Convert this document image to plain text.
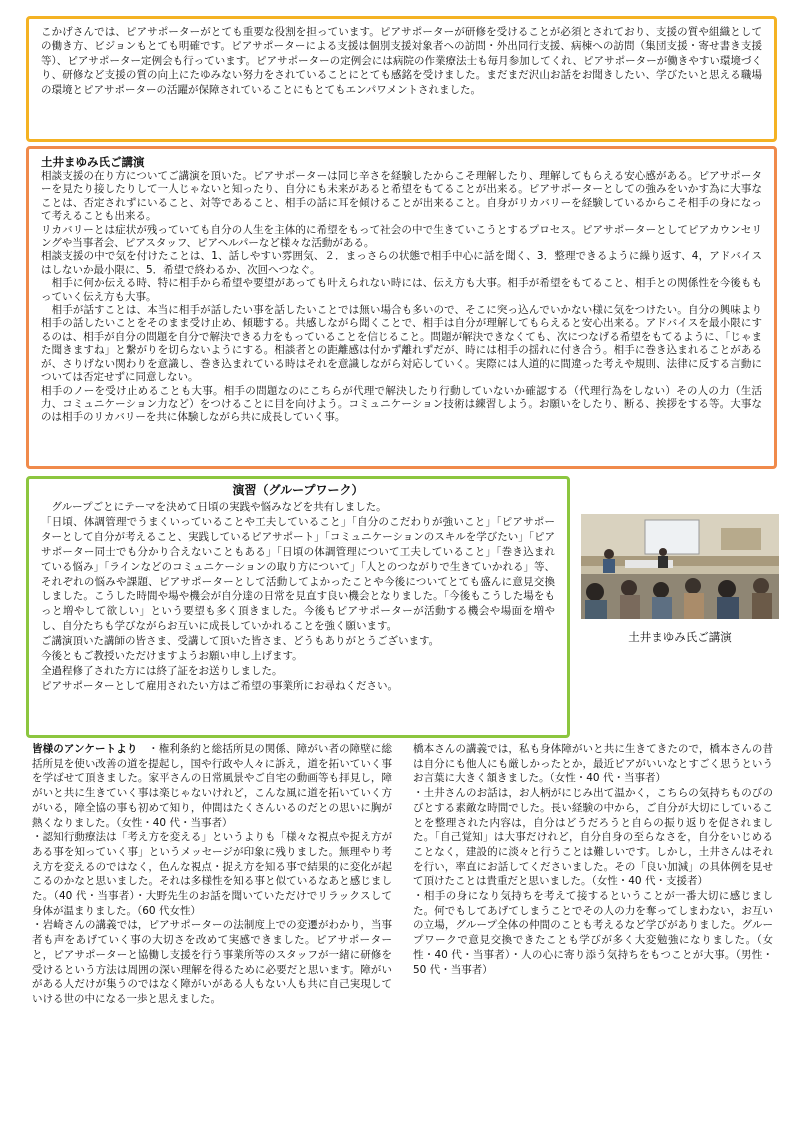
こかげさんでは、ピアサポーターがとても重要な役割を担っています。ピアサポーターが研修を受けることが必須とされており、支援の質や組織としての働き方、ビジョンもとても明確です。ピアサポーターによる支援は個別支援対象者への訪問・外出同行支援、病棟への訪問（集団支援・寄せ書き支援等）、ピアサポーター定例会も行っています。ピアサポーターの定例会には病院の作業療法士も毎月参加してくれ、ピアサポーターが働きやすい環境づくり、研修など支援の質の向上にたゆみない努力をされていることにとても感銘を受けました。まだまだ沢山お話をお聞きしたい、学びたいと思える職場の環境とピアサポーターの活躍が保障されていることにもとてもエンパワメントされました。

土井まゆみ氏ご講演

相談支援の在り方についてご講演を頂いた。ピアサポーターは同じ辛さを経験したからこそ理解したり、理解してもらえる安心感がある。ピアサポーターを見たり接したりして一人じゃないと知ったり、自分にも未来があると希望をもてることが出来る。ピアサポーターとしての強みをいかす為に大事なことは、否定されずにいること、対等であること、相手の話に耳を傾けることが出来ること。自身がリカバリーを経験しているからこそ相手の身になって考えることも出来る。

リカバリーとは症状が残っていても自分の人生を主体的に希望をもって社会の中で生きていこうとするプロセス。ピアサポーターとしてピアカウンセリングや当事者会、ピアスタッフ、ピアヘルパーなど様々な活動がある。

相談支援の中で気を付けたことは、1、話しやすい雰囲気、２．まっさらの状態で相手中心に話を聞く、3．整理できるように繰り返す、4，アドバイスはしないか最小限に、5．希望で終わるか、次回へつなぐ。

　相手に何か伝える時、特に相手から希望や要望があっても叶えられない時には、伝え方も大事。相手が希望をもてること、相手との関係性を今後ももっていく伝え方も大事。

　相手が話すことは、本当に相手が話したい事を話したいことでは無い場合も多いので、そこに突っ込んでいかない様に気をつけたい。自分の興味より相手の話したいことをそのまま受け止め、傾聴する。共感しながら聞くことで、相手は自分が理解してもらえると安心出来る。アドバイスを最小限にするのは、相手が自分の問題を自分で解決できる力をもっていることを信じること。問題が解決できなくても、次につなげる希望をもてるように、「じゃまた聞きますね」と繋がりを切らないようにする。相談者との距離感は付かず離れずだが、時には相手の揺れに付き合う。相手に巻き込まれることがあるが、さりげない関わりを意識し、巻き込まれている時はそれを意識しながら対応していく。実際には人道的に間違った考えや規則、法律に反する言動については否定せずに同意しない。

相手のノーを受け止めることも大事。相手の問題なのにこちらが代理で解決したり行動していないか確認する（代理行為をしない）その人の力（生活力、コミュニケーション力など）をつけることに目を向けよう。コミュニケーション技術は練習しよう。お願いをしたり、断る、挨拶をする等。大事なのは相手のリカバリーを共に体験しながら共に成長していく事。

演習（グループワーク）

　グループごとにテーマを決めて日頃の実践や悩みなどを共有しました。

「日頃、体調管理でうまくいっていることや工夫していること」「自分のこだわりが強いこと」「ピアサポーターとして自分が考えること、実践しているピアサポート」「コミュニケーションのスキルを学びたい」「ピアサポーター同士でも分かり合えないこともある」「日頃の体調管理について工夫していること」「巻き込まれている悩み」「ラインなどのコミュニケーションの取り方について」「人とのつながりで生きていかれる」等、それぞれの悩みや課題、ピアサポーターとして活動してよかったことや今後についてとても盛んに意見交換しました。こうした時間や場や機会が自分達の日常を見直す良い機会となりました。「今後もこうした場をもっと増やして欲しい」という要望も多く頂きました。今後もピアサポーターが活動する機会や場面を増やし、自分たちも学びながらお互いに成長していかれることを強く願います。

ご講演頂いた講師の皆さま、受講して頂いた皆さま、どうもありがとうございます。

今後ともご教授いただけますようお願い申し上げます。

全過程修了された方には終了証をお送りしました。

ピアサポーターとして雇用されたい方はご希望の事業所にお尋ねください。

土井まゆみ氏ご講演

皆様のアンケートより　 ・権利条約と総括所見の関係、障がい者の障壁に総括所見を使い改善の道を提起し，国や行政や人々に訴え，道を拓いていく事を学ばせて頂きました。家平さんの日常風景やご自宅の動画等も拝見し，障がいと共に生きていく事は楽じゃないけれど，こんな風に道を拓いていく方がいる，障全協の事も初めて知り，仲間はたくさんいるのだとの思いに胸が熱くなりました。（女性・40 代・当事者）

・認知行動療法は「考え方を変える」というよりも「様々な視点や捉え方がある事を知っていく事」というメッセージが印象に残りました。無理やり考え方を変えるのではなく，色んな視点・捉え方を知る事で結果的に変化が起こるのかなと思いました。それは多様性を知る事と似ているなあと感じました。（40 代・当事者）・大野先生のお話を聞いていただけでリラックスして身体が温まりました。（60 代女性）

・岩崎さんの講義では，ピアサポーターの法制度上での変遷がわかり，当事者も声をあげていく事の大切さを改めて実感できました。ピアサポーターと，ピアサポーターと協働し支援を行う事業所等のスタッフが一緒に研修を受けるという方法は周囲の深い理解を得るために必要だと思います。障がいがある人だけが集うのではなく障がいがある人もない人も共に自己実現していける世の中になる一歩と思えました。

橋本さんの講義では，私も身体障がいと共に生きてきたので，橋本さんの昔は自分にも他人にも厳しかったとか，最近ピアがいいなとすごく思うというお言葉に大きく頷きました。（女性・40 代・当事者）

・土井さんのお話は，お人柄がにじみ出て温かく，こちらの気持ちものびのびとする素敵な時間でした。長い経験の中から，ご自分が大切にしていることを整理された内容は，自分はどうだろうと自らの振り返りを促されました。「自己覚知」は大事だけれど，自分自身の至らなさを，自分をいじめることなく，建設的に淡々と行うことは難しいです。しかし，土井さんはそれを行い，率直にお話してくださいました。その「良い加減」の具体例を見せて頂けたことは貴重だと思いました。（女性・40 代・支援者）

・相手の身になり気持ちを考えて接するということが一番大切に感じました。何でもしてあげてしまうことでその人の力を奪ってしまわない，お互いの立場，グループ全体の仲間のことも考えるなど学びがありました。グループワークで意見交換できたことも学びが多く大変勉強になりました。（女性・40 代・当事者）・人の心に寄り添う気持ちをもつことが大事。（男性・50 代・当事者）
